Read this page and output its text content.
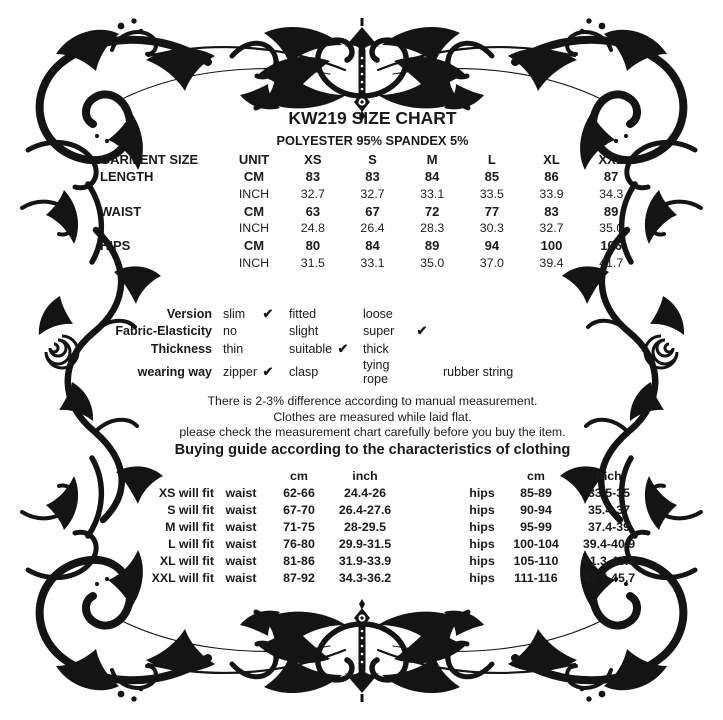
KW219 SIZE CHART
POLYESTER 95% SPANDEX 5%
GARMENT SIZE	UNIT	XS	S	M	L	XL	XXL
LENGTH	CM	83	83	84	85	86	87
INCH	32.7	32.7	33.1	33.5	33.9	34.3
WAIST	CM	63	67	72	77	83	89
INCH	24.8	26.4	28.3	30.3	32.7	35.0
HIPS	CM	80	84	89	94	100	106
INCH	31.5	33.1	35.0	37.0	39.4	41.7
Version slim	✔	fitted	loose
Fabric-Elasticity no	slight	super	✔
Thickness thin	suitable ✔	thick
wearing way zipper ✔	clasp	tying rope	rubber string
There is 2-3% difference according to manual measurement.
Clothes are measured while laid flat.
please check the measurement chart carefully before you buy the item.
Buying guide according to the characteristics of clothing
cm	inch	cm	inch
XS will fit waist	62-66	24.4-26	hips	85-89	33.5-35
S will fit waist	67-70	26.4-27.6	hips	90-94	35.4-37
M will fit waist	71-75	28-29.5	hips	95-99	37.4-39
L will fit waist	76-80	29.9-31.5	hips	100-104	39.4-40.9
XL will fit waist	81-86	31.9-33.9	hips	105-110	41.3-43.3
XXL will fit waist	87-92	34.3-36.2	hips	111-116	43.7-45.7
